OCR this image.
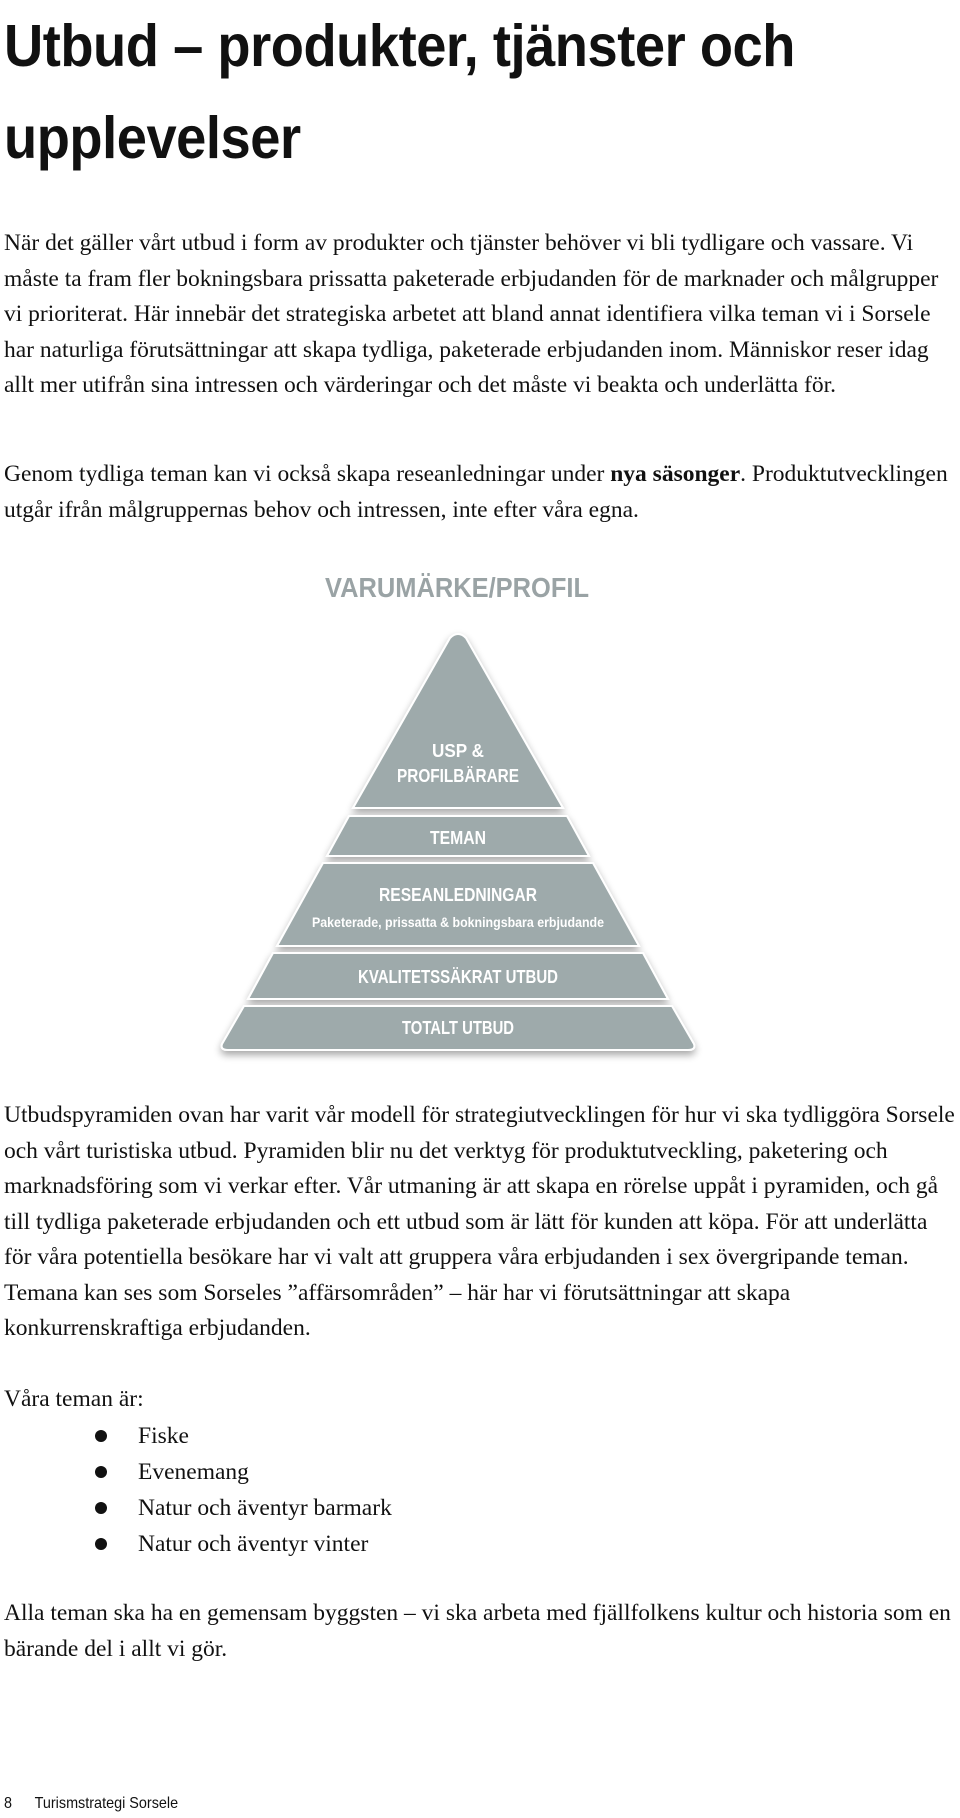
Utbud – produkter, tjänster och upplevelser

När det gäller vårt utbud i form av produkter och tjänster behöver vi bli tydligare och vassare. Vi måste ta fram fler bokningsbara prissatta paketerade erbjudanden för de marknader och målgrupper vi prioriterat. Här innebär det strategiska arbetet att bland annat identifiera vilka teman vi i Sorsele har naturliga förutsättningar att skapa tydliga, paketerade erbjudanden inom. Människor reser idag allt mer utifrån sina intressen och värderingar och det måste vi beakta och underlätta för.

Genom tydliga teman kan vi också skapa reseanledningar under nya säsonger. Produktutvecklingen utgår ifrån målgruppernas behov och intressen, inte efter våra egna.

VARUMÄRKE/PROFIL
USP &
PROFILBÄRARE
TEMAN
RESEANLEDNINGAR
Paketerade, prissatta & bokningsbara erbjudande
KVALITETSSÄKRAT UTBUD
TOTALT UTBUD

Utbudspyramiden ovan har varit vår modell för strategiutvecklingen för hur vi ska tydliggöra Sorsele och vårt turistiska utbud. Pyramiden blir nu det verktyg för produktutveckling, paketering och marknadsföring som vi verkar efter. Vår utmaning är att skapa en rörelse uppåt i pyramiden, och gå till tydliga paketerade erbjudanden och ett utbud som är lätt för kunden att köpa. För att underlätta för våra potentiella besökare har vi valt att gruppera våra erbjudanden i sex övergripande teman. Temana kan ses som Sorseles ”affärsområden” – här har vi förutsättningar att skapa konkurrenskraftiga erbjudanden.

Våra teman är:

Fiske
Evenemang
Natur och äventyr barmark
Natur och äventyr vinter

Alla teman ska ha en gemensam byggsten – vi ska arbeta med fjällfolkens kultur och historia som en bärande del i allt vi gör.

8 Turismstrategi Sorsele
